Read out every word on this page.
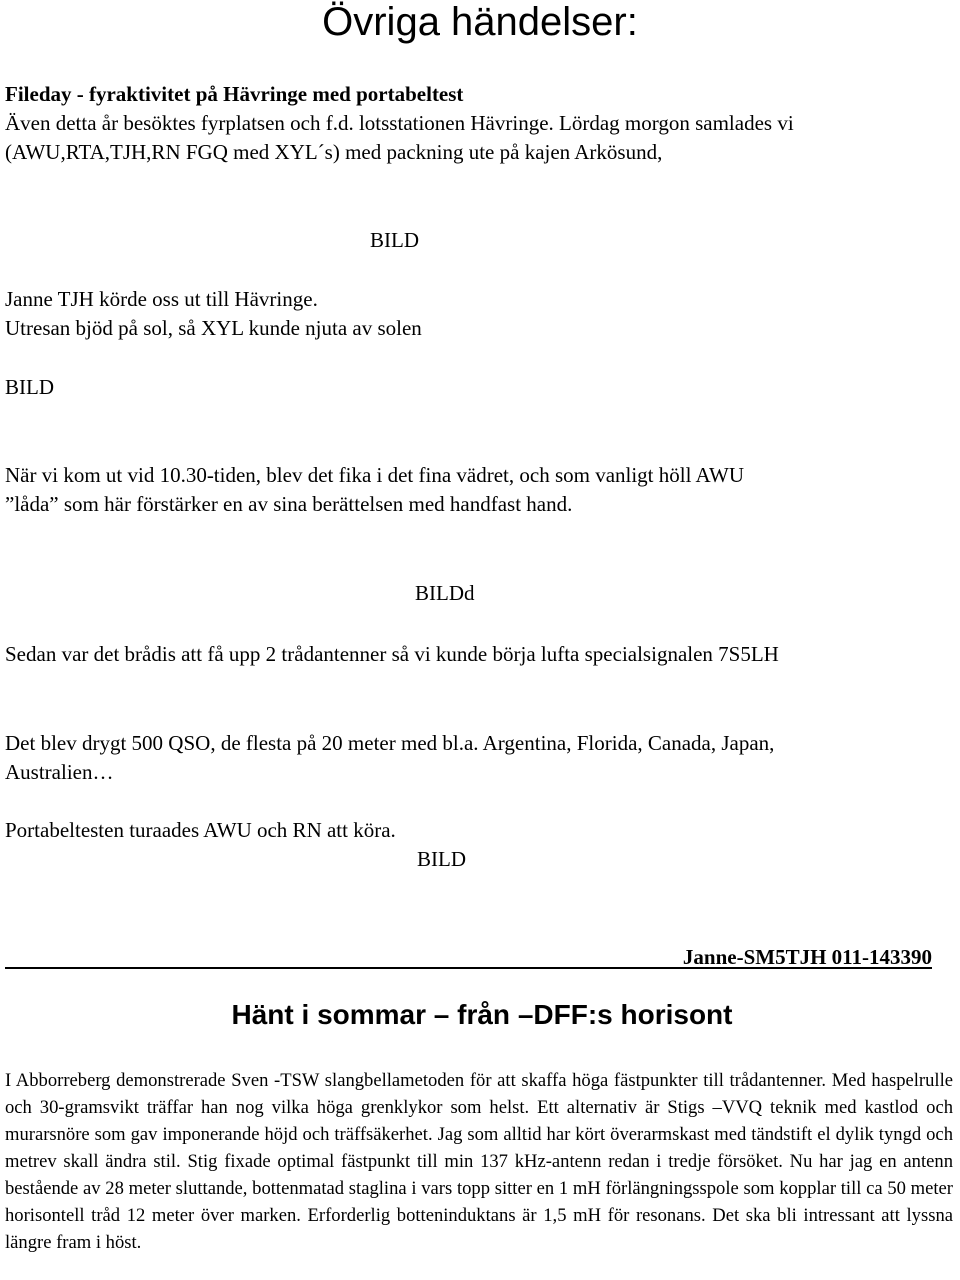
Övriga händelser:
Fileday - fyraktivitet på Hävringe med portabeltest
Även detta år besöktes fyrplatsen och f.d. lotsstationen Hävringe. Lördag morgon samlades vi
(AWU,RTA,TJH,RN FGQ med XYL´s) med packning ute på kajen Arkösund,
BILD
Janne TJH körde oss ut till Hävringe.
Utresan bjöd på sol, så XYL kunde njuta av solen
BILD
När vi kom ut vid 10.30-tiden, blev det fika i det fina vädret, och som vanligt höll AWU
”låda” som här förstärker en av sina berättelsen med handfast hand.
BILDd
Sedan var det brådis att få upp 2 trådantenner så vi kunde börja lufta specialsignalen 7S5LH
Det blev drygt 500 QSO, de flesta på 20 meter med bl.a. Argentina, Florida, Canada, Japan,
Australien…
Portabeltesten turaades AWU och RN att köra.
BILD
Janne-SM5TJH 011-143390
Hänt i sommar – från –DFF:s horisont
I Abborreberg demonstrerade Sven -TSW slangbellametoden för att skaffa höga fästpunkter till trådantenner. Med haspelrulle och 30-gramsvikt träffar han nog vilka höga grenklykor som helst. Ett alternativ är Stigs –VVQ teknik med kastlod och murarsnöre som gav imponerande höjd och träffsäkerhet. Jag som alltid har kört överarmskast med tändstift el dylik tyngd och metrev skall ändra stil. Stig fixade optimal fästpunkt till min 137 kHz-antenn redan i tredje försöket. Nu har jag en antenn bestående av 28 meter sluttande, bottenmatad staglina i vars topp sitter en 1 mH förlängningsspole som kopplar till ca 50 meter horisontell tråd 12 meter över marken. Erforderlig botteninduktans är 1,5 mH för resonans. Det ska bli intressant att lyssna längre fram i höst.
